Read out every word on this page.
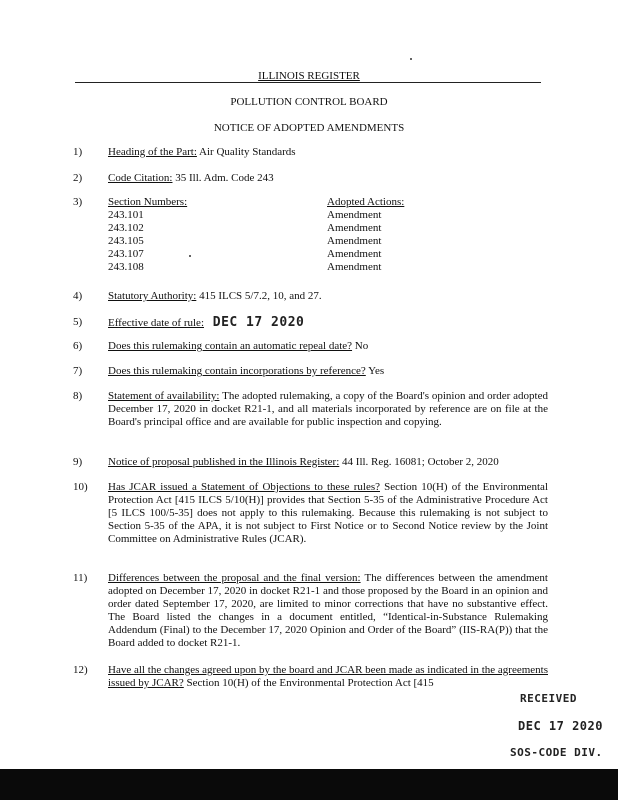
ILLINOIS REGISTER
POLLUTION CONTROL BOARD
NOTICE OF ADOPTED AMENDMENTS
1) Heading of the Part: Air Quality Standards
2) Code Citation: 35 Ill. Adm. Code 243
3) Section Numbers:	Adopted Actions:
243.101	Amendment
243.102	Amendment
243.105	Amendment
243.107	Amendment
243.108	Amendment
4) Statutory Authority: 415 ILCS 5/7.2, 10, and 27.
5) Effective date of rule: DEC 17 2020
6) Does this rulemaking contain an automatic repeal date? No
7) Does this rulemaking contain incorporations by reference? Yes
8) Statement of availability: The adopted rulemaking, a copy of the Board's opinion and order adopted December 17, 2020 in docket R21-1, and all materials incorporated by reference are on file at the Board's principal office and are available for public inspection and copying.
9) Notice of proposal published in the Illinois Register: 44 Ill. Reg. 16081; October 2, 2020
10) Has JCAR issued a Statement of Objections to these rules? Section 10(H) of the Environmental Protection Act [415 ILCS 5/10(H)] provides that Section 5-35 of the Administrative Procedure Act [5 ILCS 100/5-35] does not apply to this rulemaking. Because this rulemaking is not subject to Section 5-35 of the APA, it is not subject to First Notice or to Second Notice review by the Joint Committee on Administrative Rules (JCAR).
11) Differences between the proposal and the final version: The differences between the amendment adopted on December 17, 2020 in docket R21-1 and those proposed by the Board in an opinion and order dated September 17, 2020, are limited to minor corrections that have no substantive effect. The Board listed the changes in a document entitled, “Identical-in-Substance Rulemaking Addendum (Final) to the December 17, 2020 Opinion and Order of the Board” (IIS-RA(P)) that the Board added to docket R21-1.
12) Have all the changes agreed upon by the board and JCAR been made as indicated in the agreements issued by JCAR? Section 10(H) of the Environmental Protection Act [415
RECEIVED
DEC 17 2020
SOS-CODE DIV.
